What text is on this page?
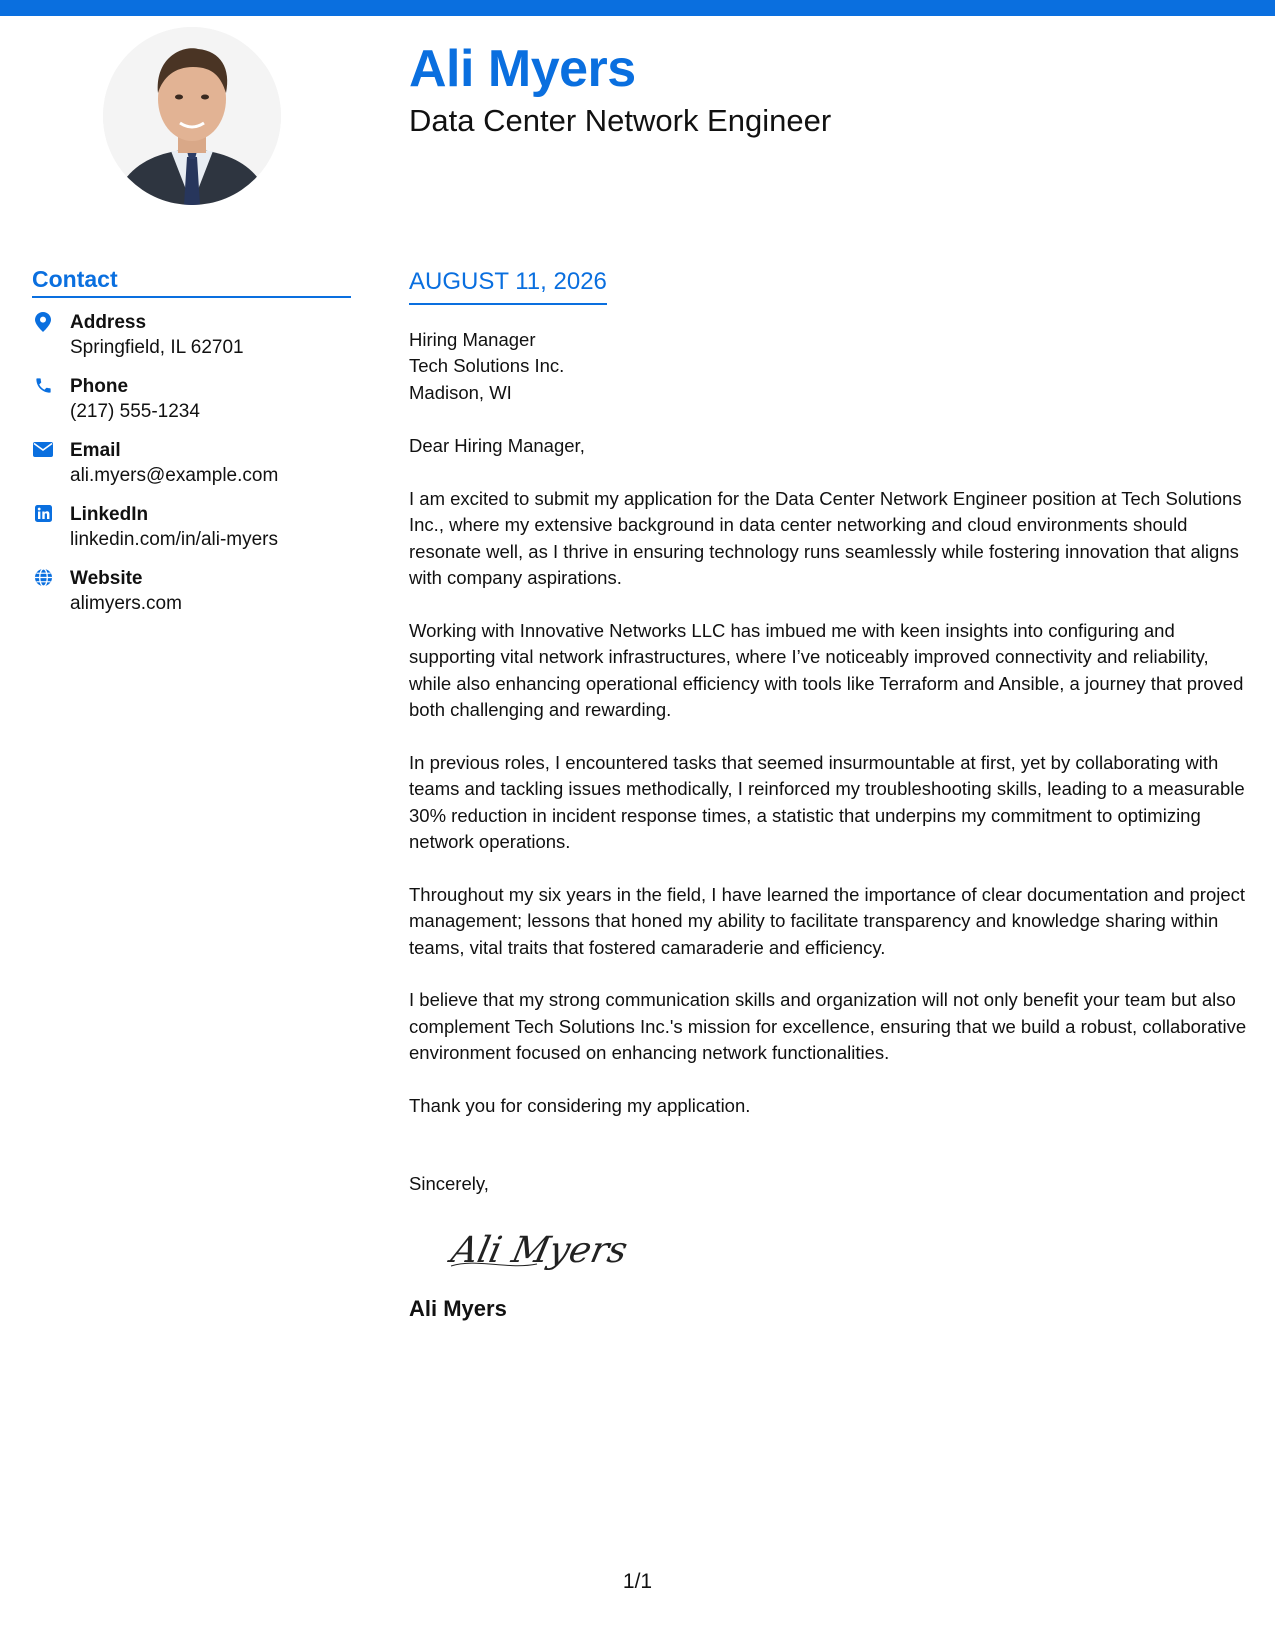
Ali Myers
Data Center Network Engineer
Contact
Address
Springfield, IL 62701
Phone
(217) 555-1234
Email
ali.myers@example.com
LinkedIn
linkedin.com/in/ali-myers
Website
alimyers.com
AUGUST 11, 2026
Hiring Manager
Tech Solutions Inc.
Madison, WI

Dear Hiring Manager,

I am excited to submit my application for the Data Center Network Engineer position at Tech Solutions Inc., where my extensive background in data center networking and cloud environments should resonate well, as I thrive in ensuring technology runs seamlessly while fostering innovation that aligns with company aspirations.

Working with Innovative Networks LLC has imbued me with keen insights into configuring and supporting vital network infrastructures, where I’ve noticeably improved connectivity and reliability, while also enhancing operational efficiency with tools like Terraform and Ansible, a journey that proved both challenging and rewarding.

In previous roles, I encountered tasks that seemed insurmountable at first, yet by collaborating with teams and tackling issues methodically, I reinforced my troubleshooting skills, leading to a measurable 30% reduction in incident response times, a statistic that underpins my commitment to optimizing network operations.

Throughout my six years in the field, I have learned the importance of clear documentation and project management; lessons that honed my ability to facilitate transparency and knowledge sharing within teams, vital traits that fostered camaraderie and efficiency.

I believe that my strong communication skills and organization will not only benefit your team but also complement Tech Solutions Inc.'s mission for excellence, ensuring that we build a robust, collaborative environment focused on enhancing network functionalities.

Thank you for considering my application.

Sincerely,

Ali Myers
Ali Myers
1/1
